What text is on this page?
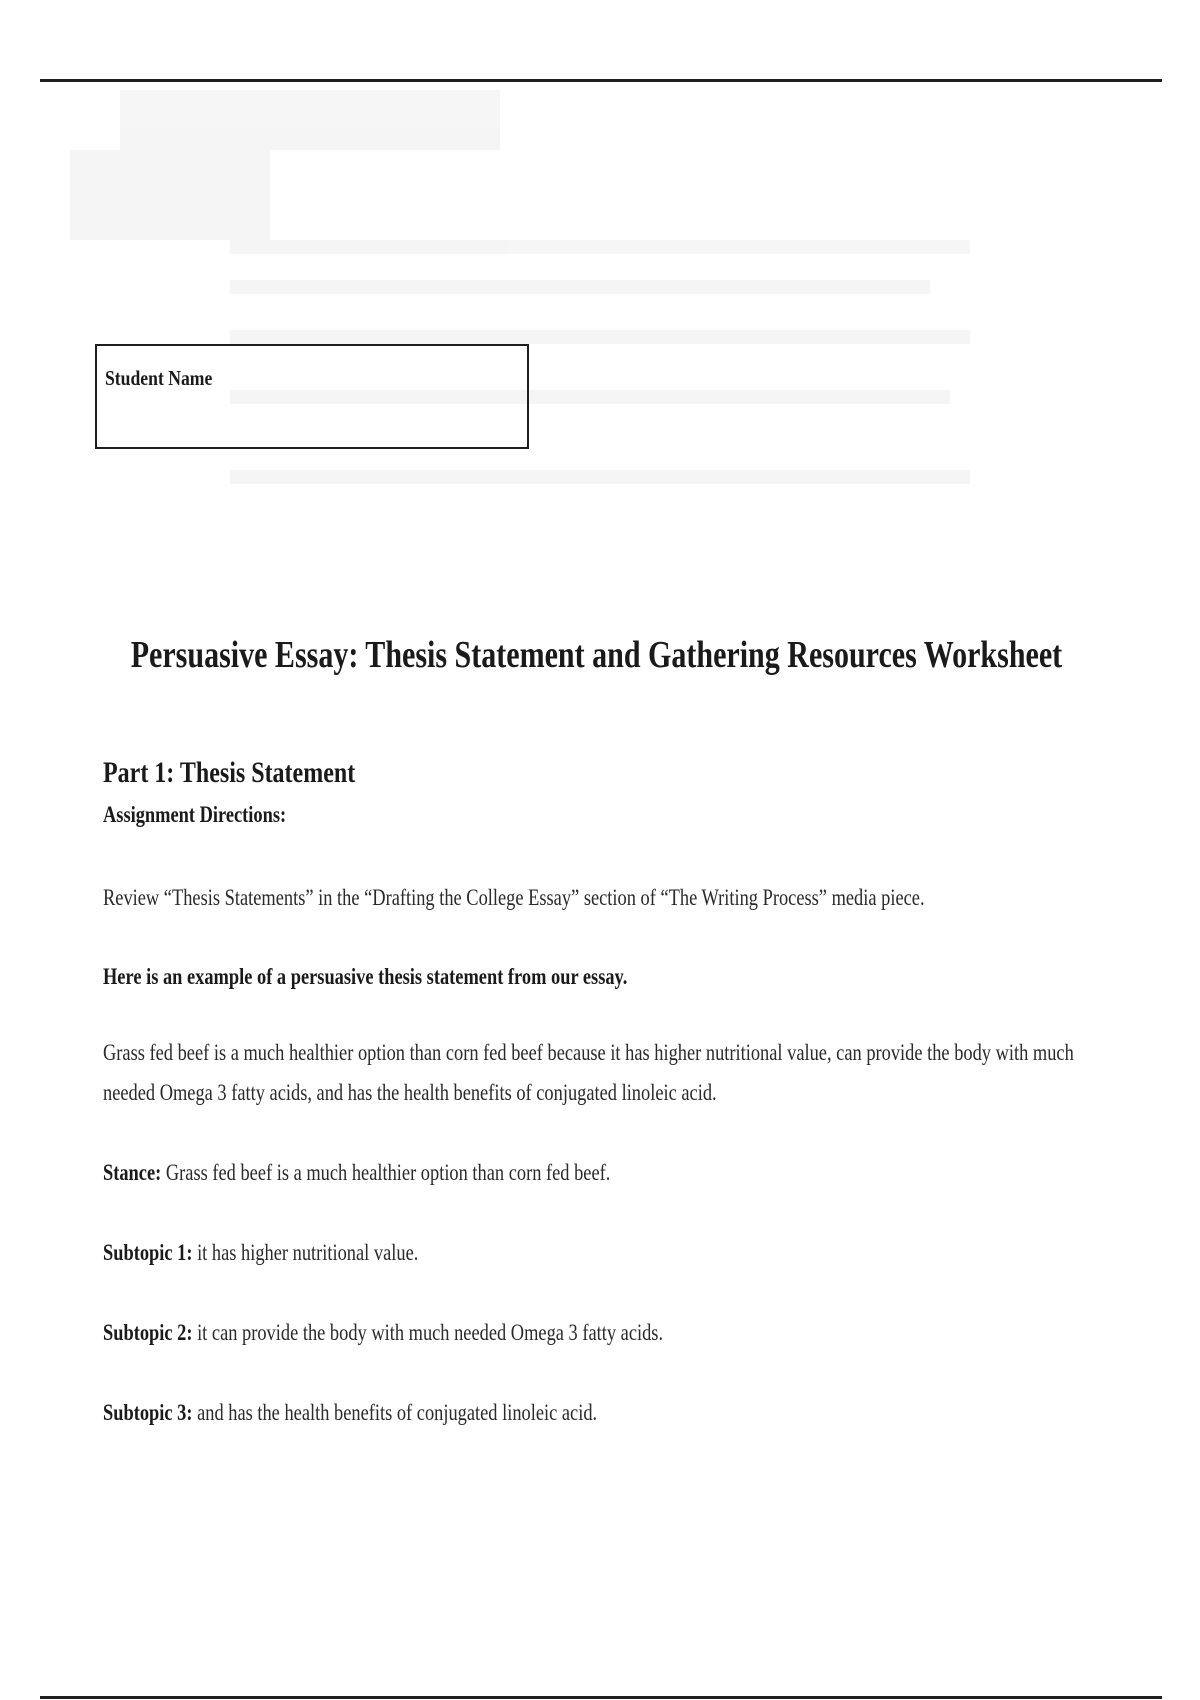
Student Name
Persuasive Essay: Thesis Statement and Gathering Resources Worksheet
Part 1: Thesis Statement
Assignment Directions:
Review “Thesis Statements” in the “Drafting the College Essay” section of “The Writing Process” media piece.
Here is an example of a persuasive thesis statement from our essay.
Grass fed beef is a much healthier option than corn fed beef because it has higher nutritional value, can provide the body with much
needed Omega 3 fatty acids, and has the health benefits of conjugated linoleic acid.
Stance: Grass fed beef is a much healthier option than corn fed beef.
Subtopic 1: it has higher nutritional value.
Subtopic 2: it can provide the body with much needed Omega 3 fatty acids.
Subtopic 3: and has the health benefits of conjugated linoleic acid.
